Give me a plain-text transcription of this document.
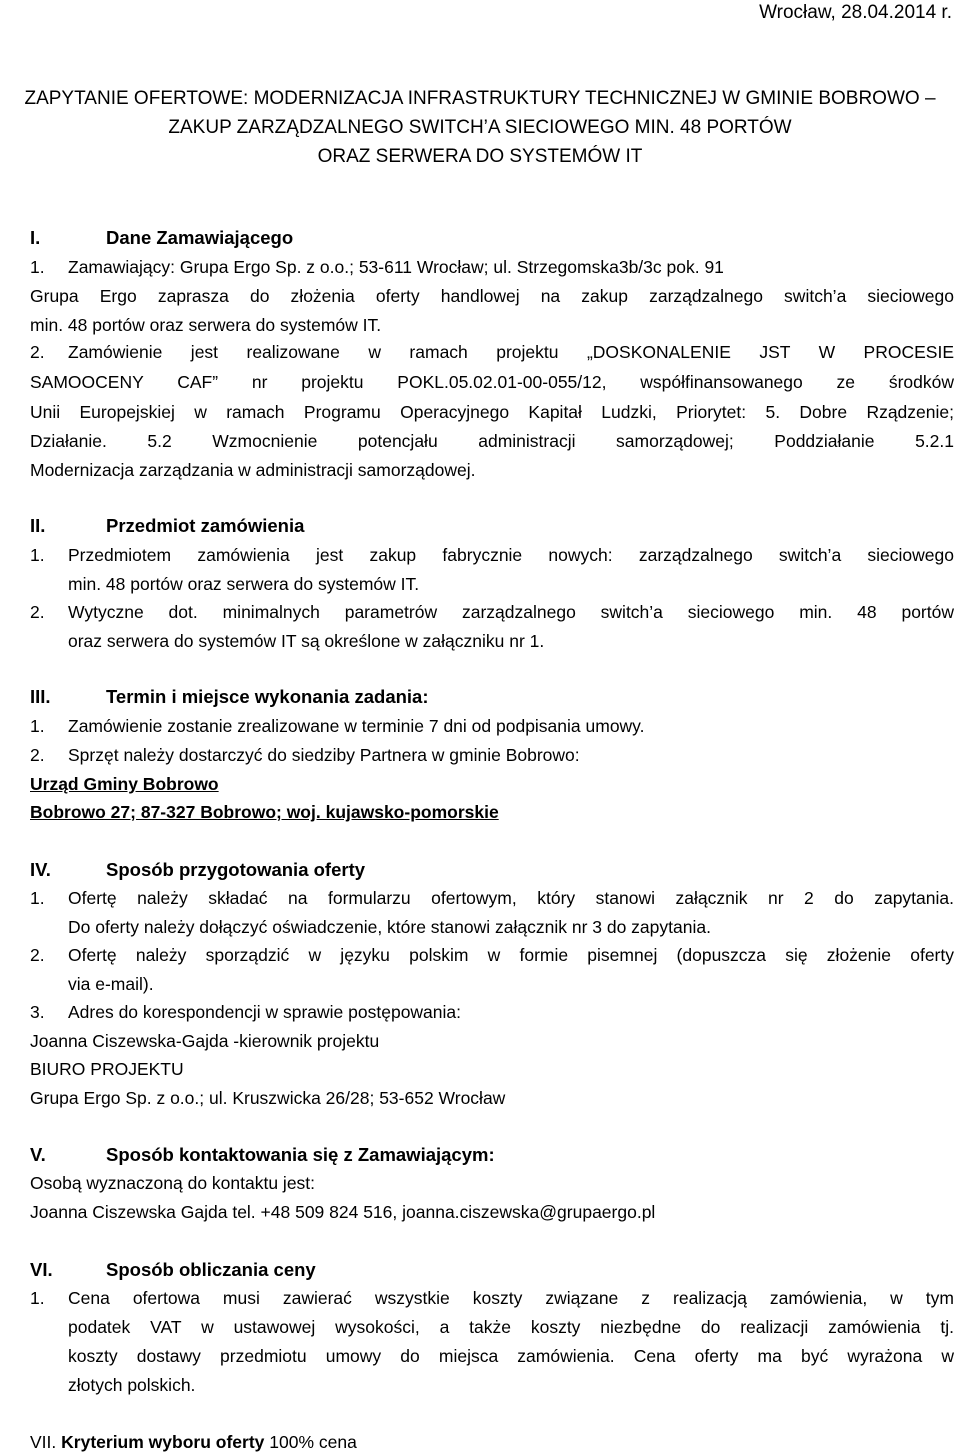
Wrocław, 28.04.2014 r.
ZAPYTANIE OFERTOWE: MODERNIZACJA INFRASTRUKTURY TECHNICZNEJ W GMINIE BOBROWO –
ZAKUP ZARZĄDZALNEGO SWITCH’A SIECIOWEGO MIN. 48 PORTÓW
ORAZ SERWERA DO SYSTEMÓW IT
I.	Dane Zamawiającego
1. Zamawiający: Grupa Ergo Sp. z o.o.; 53-611 Wrocław; ul. Strzegomska3b/3c pok. 91
Grupa Ergo zaprasza do złożenia oferty handlowej na zakup zarządzalnego switch’a sieciowego
min. 48 portów oraz serwera do systemów IT.
2.	Zamówienie jest realizowane w ramach projektu „DOSKONALENIE JST W PROCESIE
SAMOOCENY CAF” nr projektu POKL.05.02.01-00-055/12, współfinansowanego ze środków
Unii Europejskiej w ramach Programu Operacyjnego Kapitał Ludzki, Priorytet: 5. Dobre Rządzenie;
Działanie. 5.2 Wzmocnienie potencjału administracji samorządowej; Poddziałanie 5.2.1
Modernizacja zarządzania w administracji samorządowej.
II.	Przedmiot zamówienia
1.	Przedmiotem zamówienia jest zakup fabrycznie nowych: zarządzalnego switch’a sieciowego
min. 48 portów oraz serwera do systemów IT.
2.	Wytyczne dot. minimalnych parametrów zarządzalnego switch’a sieciowego min. 48 portów
oraz serwera do systemów IT są określone w załączniku nr 1.
III.	Termin i miejsce wykonania zadania:
1. Zamówienie zostanie zrealizowane w terminie 7 dni od podpisania umowy.
2. Sprzęt należy dostarczyć do siedziby Partnera w gminie Bobrowo:
Urząd Gminy Bobrowo
Bobrowo 27; 87-327 Bobrowo; woj. kujawsko-pomorskie
IV.	Sposób przygotowania oferty
1.	Ofertę należy składać na formularzu ofertowym, który stanowi załącznik nr 2 do zapytania.
Do oferty należy dołączyć oświadczenie, które stanowi załącznik nr 3 do zapytania.
2.	Ofertę należy sporządzić w języku polskim w formie pisemnej (dopuszcza się złożenie oferty
via e-mail).
3. Adres do korespondencji w sprawie postępowania:
Joanna Ciszewska-Gajda -kierownik projektu
BIURO PROJEKTU
Grupa Ergo Sp. z o.o.; ul. Kruszwicka 26/28; 53-652 Wrocław
V.	Sposób kontaktowania się z Zamawiającym:
Osobą wyznaczoną do kontaktu jest:
Joanna Ciszewska Gajda tel. +48 509 824 516, joanna.ciszewska@grupaergo.pl
VI.	Sposób obliczania ceny
1.	Cena ofertowa musi zawierać wszystkie koszty związane z realizacją zamówienia, w tym
podatek VAT w ustawowej wysokości, a także koszty niezbędne do realizacji zamówienia tj.
koszty dostawy przedmiotu umowy do miejsca zamówienia. Cena oferty ma być wyrażona w
złotych polskich.
VII. Kryterium wyboru oferty 100% cena
